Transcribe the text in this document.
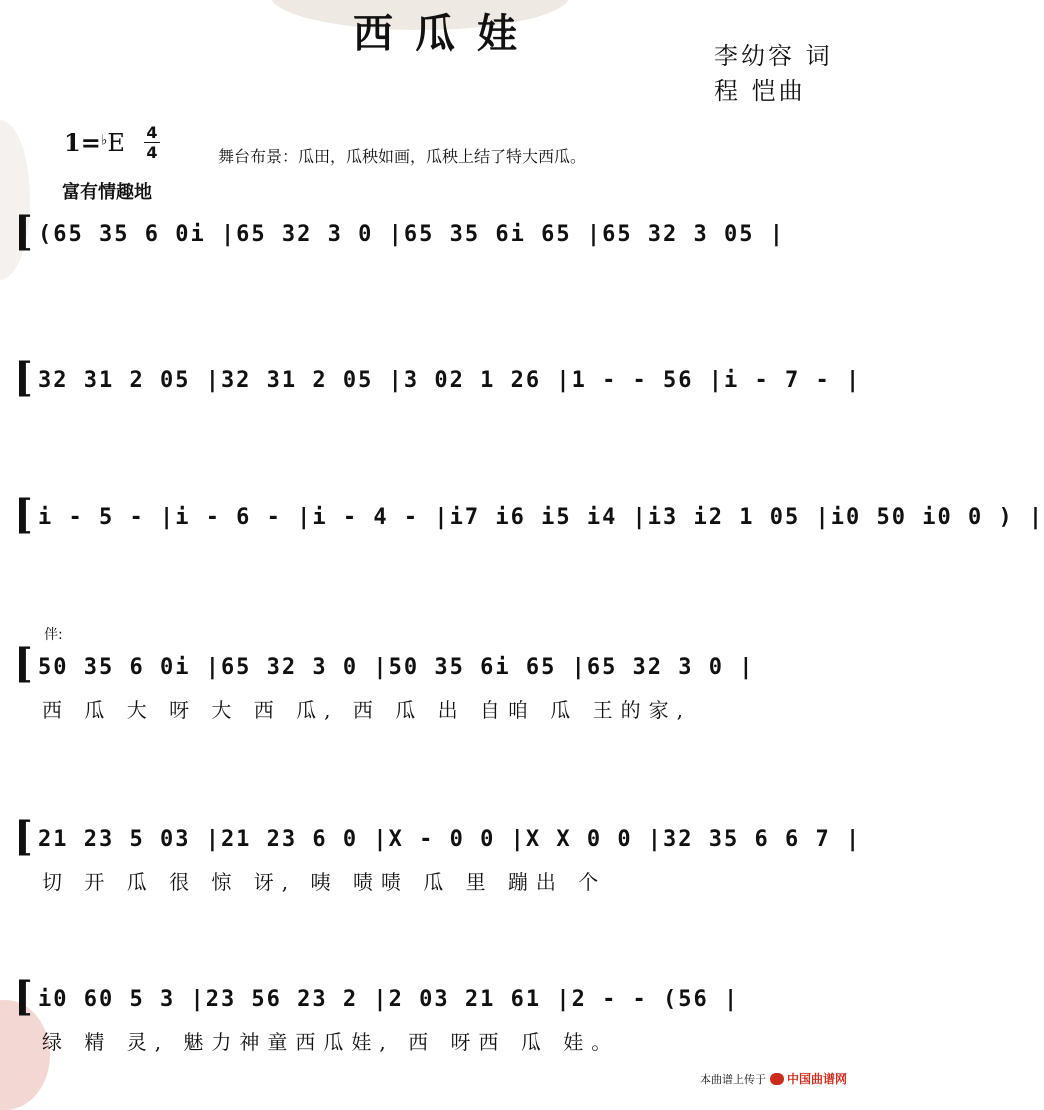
西瓜娃	李幼容 词
程 恺曲
1=♭E 4
4	舞台布景：瓜田，瓜秧如画，瓜秧上结了特大西瓜。
富有情趣地
[ (65 35 6 0i |65 32 3 0 |65 35 6i 65 |65 32 3 05 |
[ 32 31 2 05 |32 31 2 05 |3 02 1 26 |1 - - 56 |i - 7 - |
[ i - 5 - |i - 6 - |i - 4 - |i7 i6 i5 i4 |i3 i2 1 05 |i0 50 i0 0 ) |
伴:
[ 50 35 6 0i |65 32 3 0 |50 35 6i 65 |65 32 3 0 |
西 瓜 大 呀 大 西 瓜, 西 瓜 出 自咱 瓜 王的家,
[ 21 23 5 03 |21 23 6 0 |X - 0 0 |X X 0 0 |32 35 6 6 7 |
切 开 瓜 很 惊 讶, 咦 啧啧 瓜 里 蹦出 个
[ i0 60 5 3 |23 56 23 2 |2 03 21 61 |2 - - (56 |
绿 精 灵, 魅力神童西瓜娃, 西 呀西 瓜 娃。
本曲谱上传于 中国曲谱网
